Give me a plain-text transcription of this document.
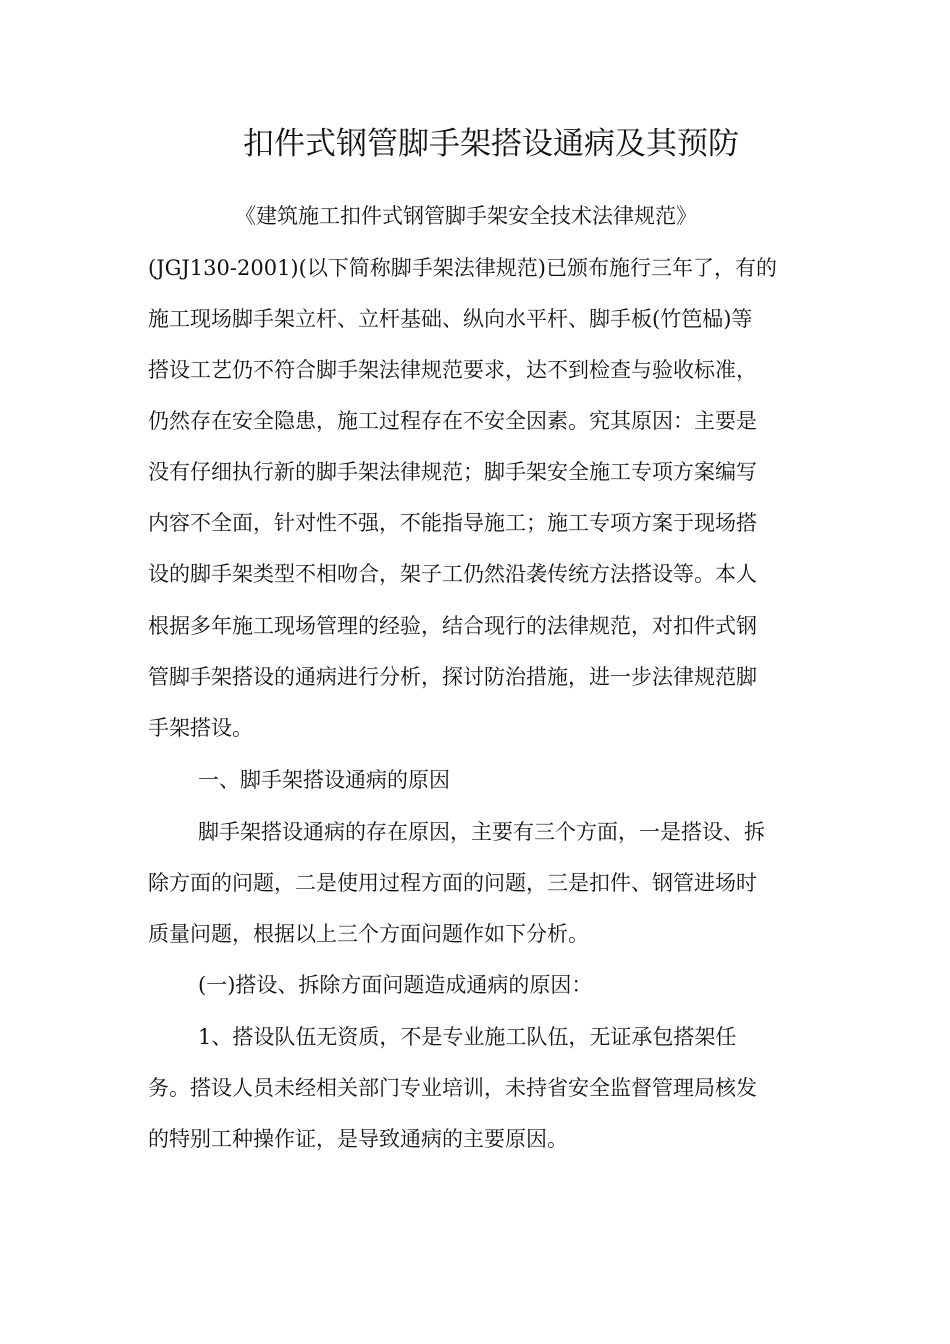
扣件式钢管脚手架搭设通病及其预防
《建筑施工扣件式钢管脚手架安全技术法律规范》
(JGJ130-2001)(以下简称脚手架法律规范)已颁布施行三年了，有的
施工现场脚手架立杆、立杆基础、纵向水平杆、脚手板(竹笆榀)等
搭设工艺仍不符合脚手架法律规范要求，达不到检查与验收标准，
仍然存在安全隐患，施工过程存在不安全因素。究其原因：主要是
没有仔细执行新的脚手架法律规范；脚手架安全施工专项方案编写
内容不全面，针对性不强，不能指导施工；施工专项方案于现场搭
设的脚手架类型不相吻合，架子工仍然沿袭传统方法搭设等。本人
根据多年施工现场管理的经验，结合现行的法律规范，对扣件式钢
管脚手架搭设的通病进行分析，探讨防治措施，进一步法律规范脚
手架搭设。
一、脚手架搭设通病的原因
脚手架搭设通病的存在原因，主要有三个方面，一是搭设、拆
除方面的问题，二是使用过程方面的问题，三是扣件、钢管进场时
质量问题，根据以上三个方面问题作如下分析。
(一)搭设、拆除方面问题造成通病的原因：
1、搭设队伍无资质，不是专业施工队伍，无证承包搭架任
务。搭设人员未经相关部门专业培训，未持省安全监督管理局核发
的特别工种操作证，是导致通病的主要原因。
